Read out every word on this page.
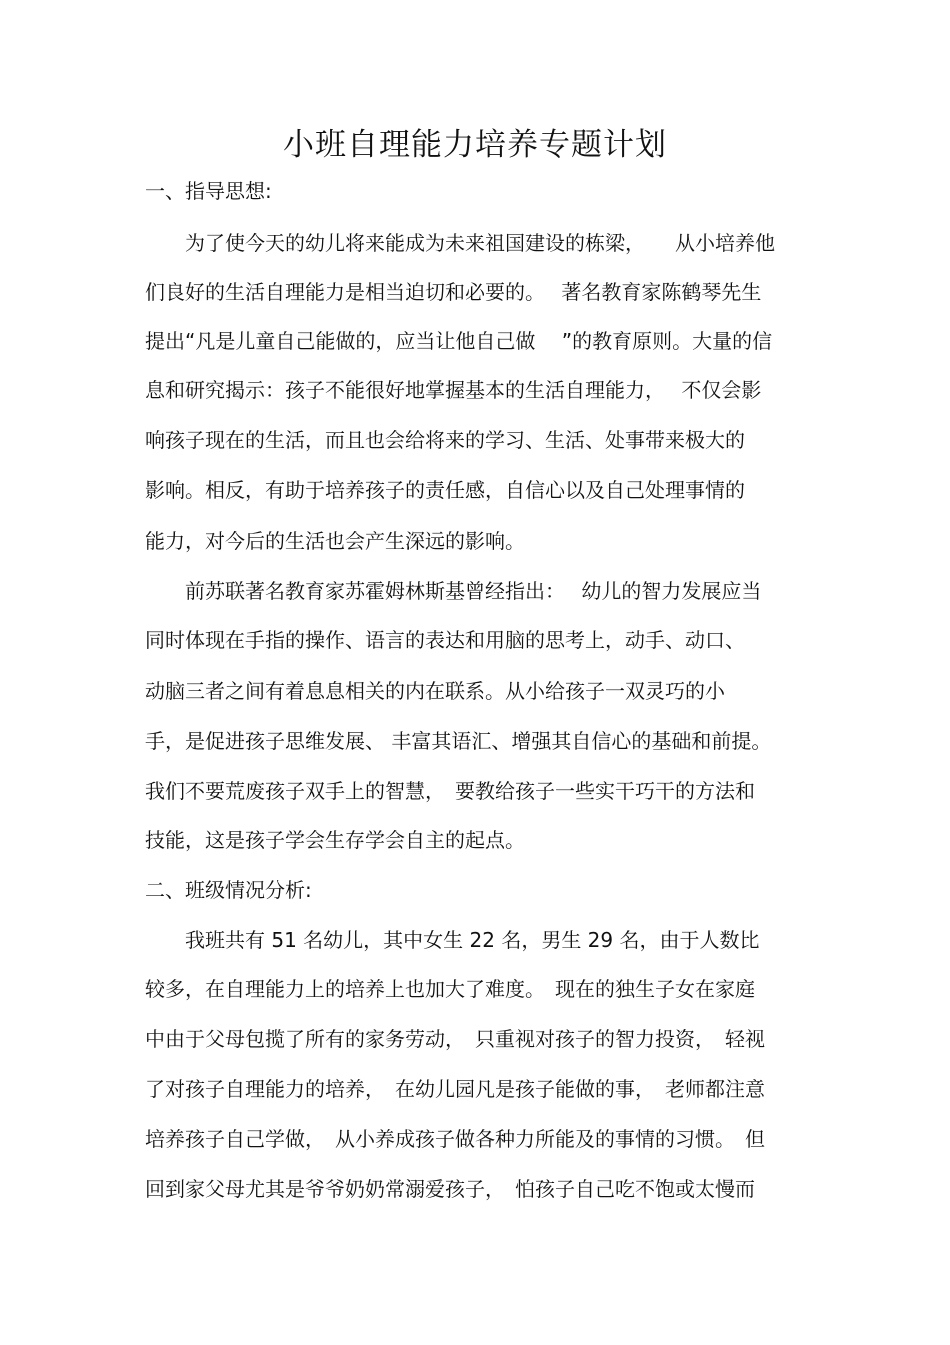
小班自理能力培养专题计划
一、指导思想:
　　为了使今天的幼儿将来能成为未来祖国建设的栋梁，　　从小培养他
们良好的生活自理能力是相当迫切和必要的。　 著名教育家陈鹤琴先生
提出“凡是儿童自己能做的，应当让他自己做　 ”的教育原则。大量的信
息和研究揭示：孩子不能很好地掌握基本的生活自理能力，　 不仅会影
响孩子现在的生活，而且也会给将来的学习、生活、处事带来极大的
影响。相反，有助于培养孩子的责任感，自信心以及自己处理事情的
能力，对今后的生活也会产生深远的影响。
　　前苏联著名教育家苏霍姆林斯基曾经指出：　 幼儿的智力发展应当
同时体现在手指的操作、语言的表达和用脑的思考上，动手、动口、
动脑三者之间有着息息相关的内在联系。从小给孩子一双灵巧的小
手，是促进孩子思维发展、 丰富其语汇、增强其自信心的基础和前提。
我们不要荒废孩子双手上的智慧，　要教给孩子一些实干巧干的方法和
技能，这是孩子学会生存学会自主的起点。
二、班级情况分析:
　　我班共有 51 名幼儿，其中女生 22 名，男生 29 名，由于人数比
较多，在自理能力上的培养上也加大了难度。　现在的独生子女在家庭
中由于父母包揽了所有的家务劳动，　只重视对孩子的智力投资，　轻视
了对孩子自理能力的培养，　在幼儿园凡是孩子能做的事，　老师都注意
培养孩子自己学做，　从小养成孩子做各种力所能及的事情的习惯。　但
回到家父母尤其是爷爷奶奶常溺爱孩子，　怕孩子自己吃不饱或太慢而
